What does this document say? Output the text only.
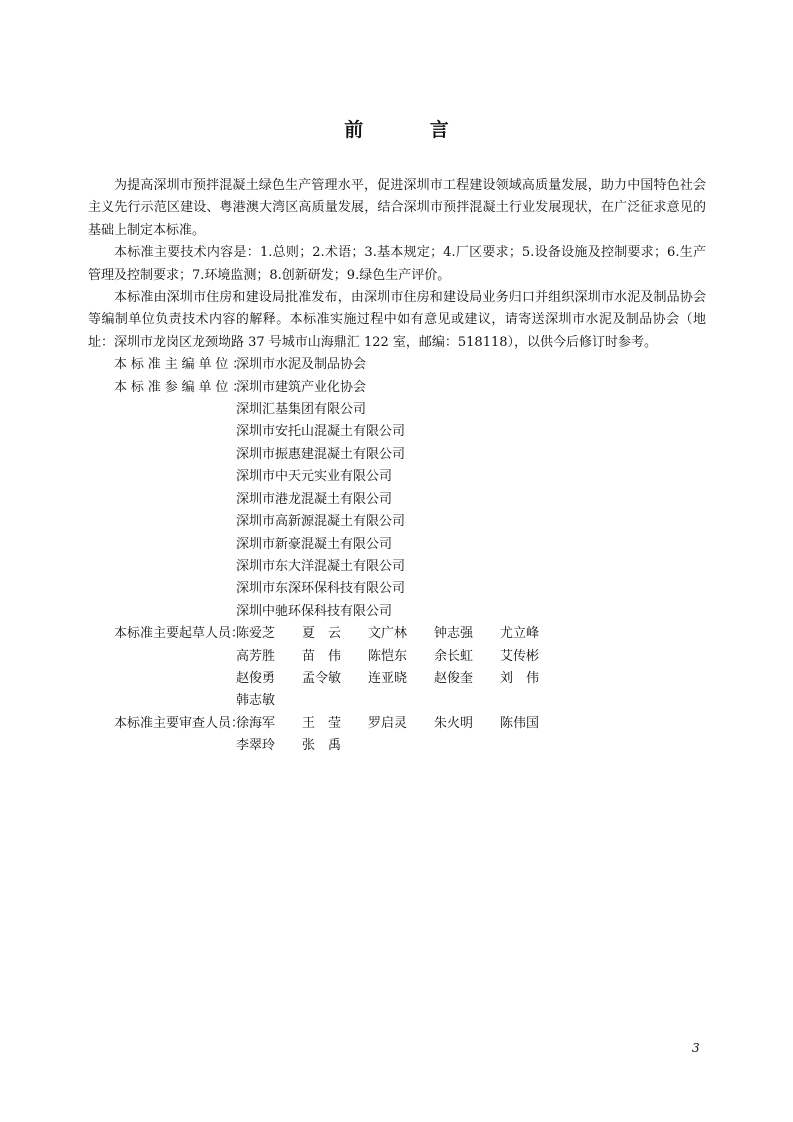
前 言

为提高深圳市预拌混凝土绿色生产管理水平，促进深圳市工程建设领域高质量发展，助力中国特色社会主义先行示范区建设、粤港澳大湾区高质量发展，结合深圳市预拌混凝土行业发展现状，在广泛征求意见的基础上制定本标准。

本标准主要技术内容是：1.总则；2.术语；3.基本规定；4.厂区要求；5.设备设施及控制要求；6.生产管理及控制要求；7.环境监测；8.创新研发；9.绿色生产评价。

本标准由深圳市住房和建设局批准发布，由深圳市住房和建设局业务归口并组织深圳市水泥及制品协会等编制单位负责技术内容的解释。本标准实施过程中如有意见或建议，请寄送深圳市水泥及制品协会（地址：深圳市龙岗区龙颈坳路 37 号城市山海鼎汇 122 室，邮编：518118），以供今后修订时参考。

本标准主编单位：
深圳市水泥及制品协会
本标准参编单位：
深圳市建筑产业化协会
深圳汇基集团有限公司
深圳市安托山混凝土有限公司
深圳市振惠建混凝土有限公司
深圳市中天元实业有限公司
深圳市港龙混凝土有限公司
深圳市高新源混凝土有限公司
深圳市新豪混凝土有限公司
深圳市东大洋混凝土有限公司
深圳市东深环保科技有限公司
深圳中驰环保科技有限公司
本标准主要起草人员：
陈爱芝	夏　云	文广林	钟志强	尤立峰
高芳胜	苗　伟	陈恺东	余长虹	艾传彬
赵俊勇	孟令敏	连亚晓	赵俊奎	刘　伟
韩志敏
本标准主要审查人员：
徐海军	王　莹	罗启灵	朱火明	陈伟国
李翠玲	张　禹
3
